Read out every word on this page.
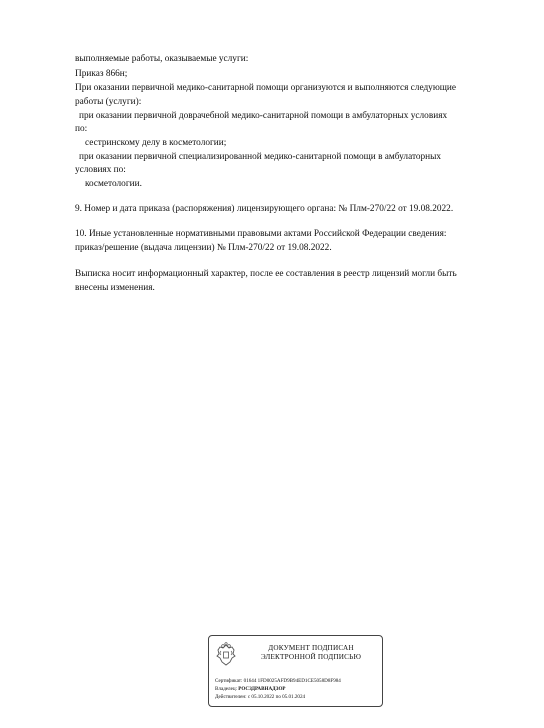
выполняемые работы, оказываемые услуги:
Приказ 866н;
При оказании первичной медико-санитарной помощи организуются и выполняются следующие
работы (услуги):
при оказании первичной доврачебной медико-санитарной помощи в амбулаторных условиях
по:
сестринскому делу в косметологии;
при оказании первичной специализированной медико-санитарной помощи в амбулаторных
условиях по:
косметологии.
9. Номер и дата приказа (распоряжения) лицензирующего органа: № Плм-270/22 от 19.08.2022.
10. Иные установленные нормативными правовыми актами Российской Федерации сведения:
приказ/решение (выдача лицензии) № Плм-270/22 от 19.08.2022.
Выписка носит информационный характер, после ее составления в реестр лицензий могли быть
внесены изменения.
ДОКУМЕНТ ПОДПИСАН
ЭЛЕКТРОННОЙ ПОДПИСЬЮ
Сертификат: 01644 1FD0025AFD9B94ED1CE5058D8F984
Владелец: РОСЗДРАВНАДЗОР
Действителен: с 05.10.2022 по 05.01.2024
